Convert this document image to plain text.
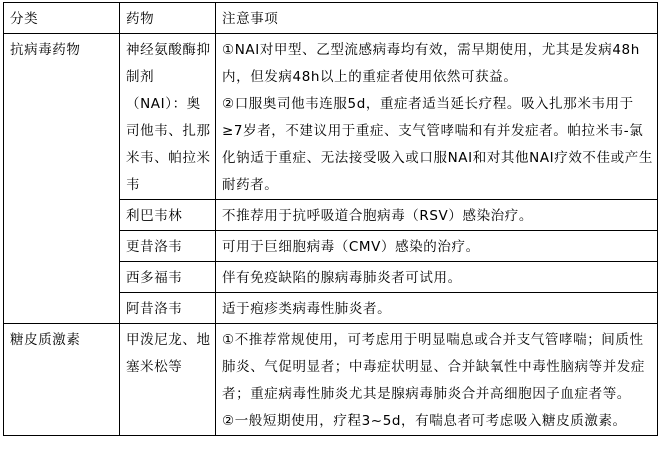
分类	药物	注意事项
抗病毒药物	神经氨酸酶抑制剂（NAI）：奥司他韦、扎那米韦、帕拉米韦	①NAI对甲型、乙型流感病毒均有效，需早期使用，尤其是发病48h内，但发病48h以上的重症者使用依然可获益。
②口服奥司他韦连服5d，重症者适当延长疗程。吸入扎那米韦用于≥7岁者，不建议用于重症、支气管哮喘和有并发症者。帕拉米韦-氯化钠适于重症、无法接受吸入或口服NAI和对其他NAI疗效不佳或产生耐药者。

	利巴韦林	不推荐用于抗呼吸道合胞病毒（RSV）感染治疗。
	更昔洛韦	可用于巨细胞病毒（CMV）感染的治疗。
	西多福韦	伴有免疫缺陷的腺病毒肺炎者可试用。
	阿昔洛韦	适于疱疹类病毒性肺炎者。
糖皮质激素	甲泼尼龙、地塞米松等	①不推荐常规使用，可考虑用于明显喘息或合并支气管哮喘；间质性肺炎、气促明显者；中毒症状明显、合并缺氧性中毒性脑病等并发症者；重症病毒性肺炎尤其是腺病毒肺炎合并高细胞因子血症者等。
②一般短期使用，疗程3~5d，有喘息者可考虑吸入糖皮质激素。
